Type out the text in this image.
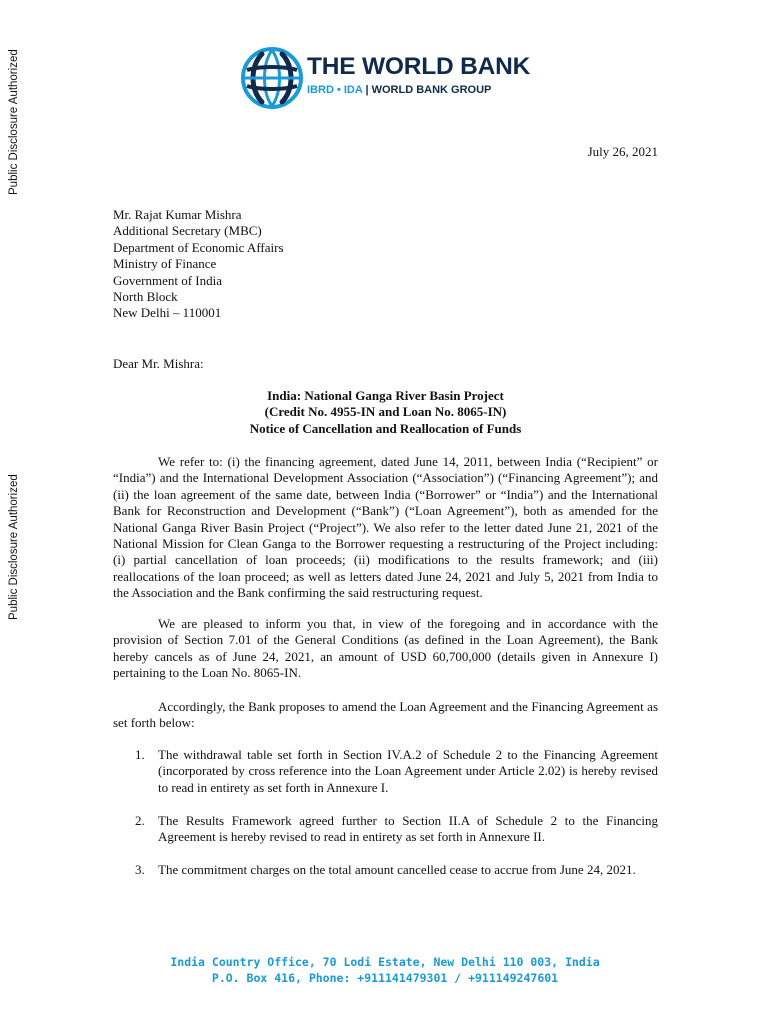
Public Disclosure Authorized
Public Disclosure Authorized
THE WORLD BANK
IBRD • IDA | WORLD BANK GROUP
July 26, 2021
Mr. Rajat Kumar Mishra
Additional Secretary (MBC)
Department of Economic Affairs
Ministry of Finance
Government of India
North Block
New Delhi – 110001
Dear Mr. Mishra:
India: National Ganga River Basin Project
(Credit No. 4955-IN and Loan No. 8065-IN)
Notice of Cancellation and Reallocation of Funds

We refer to: (i) the financing agreement, dated June 14, 2011, between India (“Recipient” or “India”) and the International Development Association (“Association”) (“Financing Agreement”); and (ii) the loan agreement of the same date, between India (“Borrower” or “India”) and the International Bank for Reconstruction and Development (“Bank”) (“Loan Agreement”), both as amended for the National Ganga River Basin Project (“Project”). We also refer to the letter dated June 21, 2021 of the National Mission for Clean Ganga to the Borrower requesting a restructuring of the Project including: (i) partial cancellation of loan proceeds; (ii) modifications to the results framework; and (iii) reallocations of the loan proceed; as well as letters dated June 24, 2021 and July 5, 2021 from India to the Association and the Bank confirming the said restructuring request.

We are pleased to inform you that, in view of the foregoing and in accordance with the provision of Section 7.01 of the General Conditions (as defined in the Loan Agreement), the Bank hereby cancels as of June 24, 2021, an amount of USD 60,700,000 (details given in Annexure I) pertaining to the Loan No. 8065-IN.

Accordingly, the Bank proposes to amend the Loan Agreement and the Financing Agreement as set forth below:

1. The withdrawal table set forth in Section IV.A.2 of Schedule 2 to the Financing Agreement (incorporated by cross reference into the Loan Agreement under Article 2.02) is hereby revised to read in entirety as set forth in Annexure I.
2. The Results Framework agreed further to Section II.A of Schedule 2 to the Financing Agreement is hereby revised to read in entirety as set forth in Annexure II.
3. The commitment charges on the total amount cancelled cease to accrue from June 24, 2021.
India Country Office, 70 Lodi Estate, New Delhi 110 003, India
P.O. Box 416, Phone: +911141479301 / +911149247601
